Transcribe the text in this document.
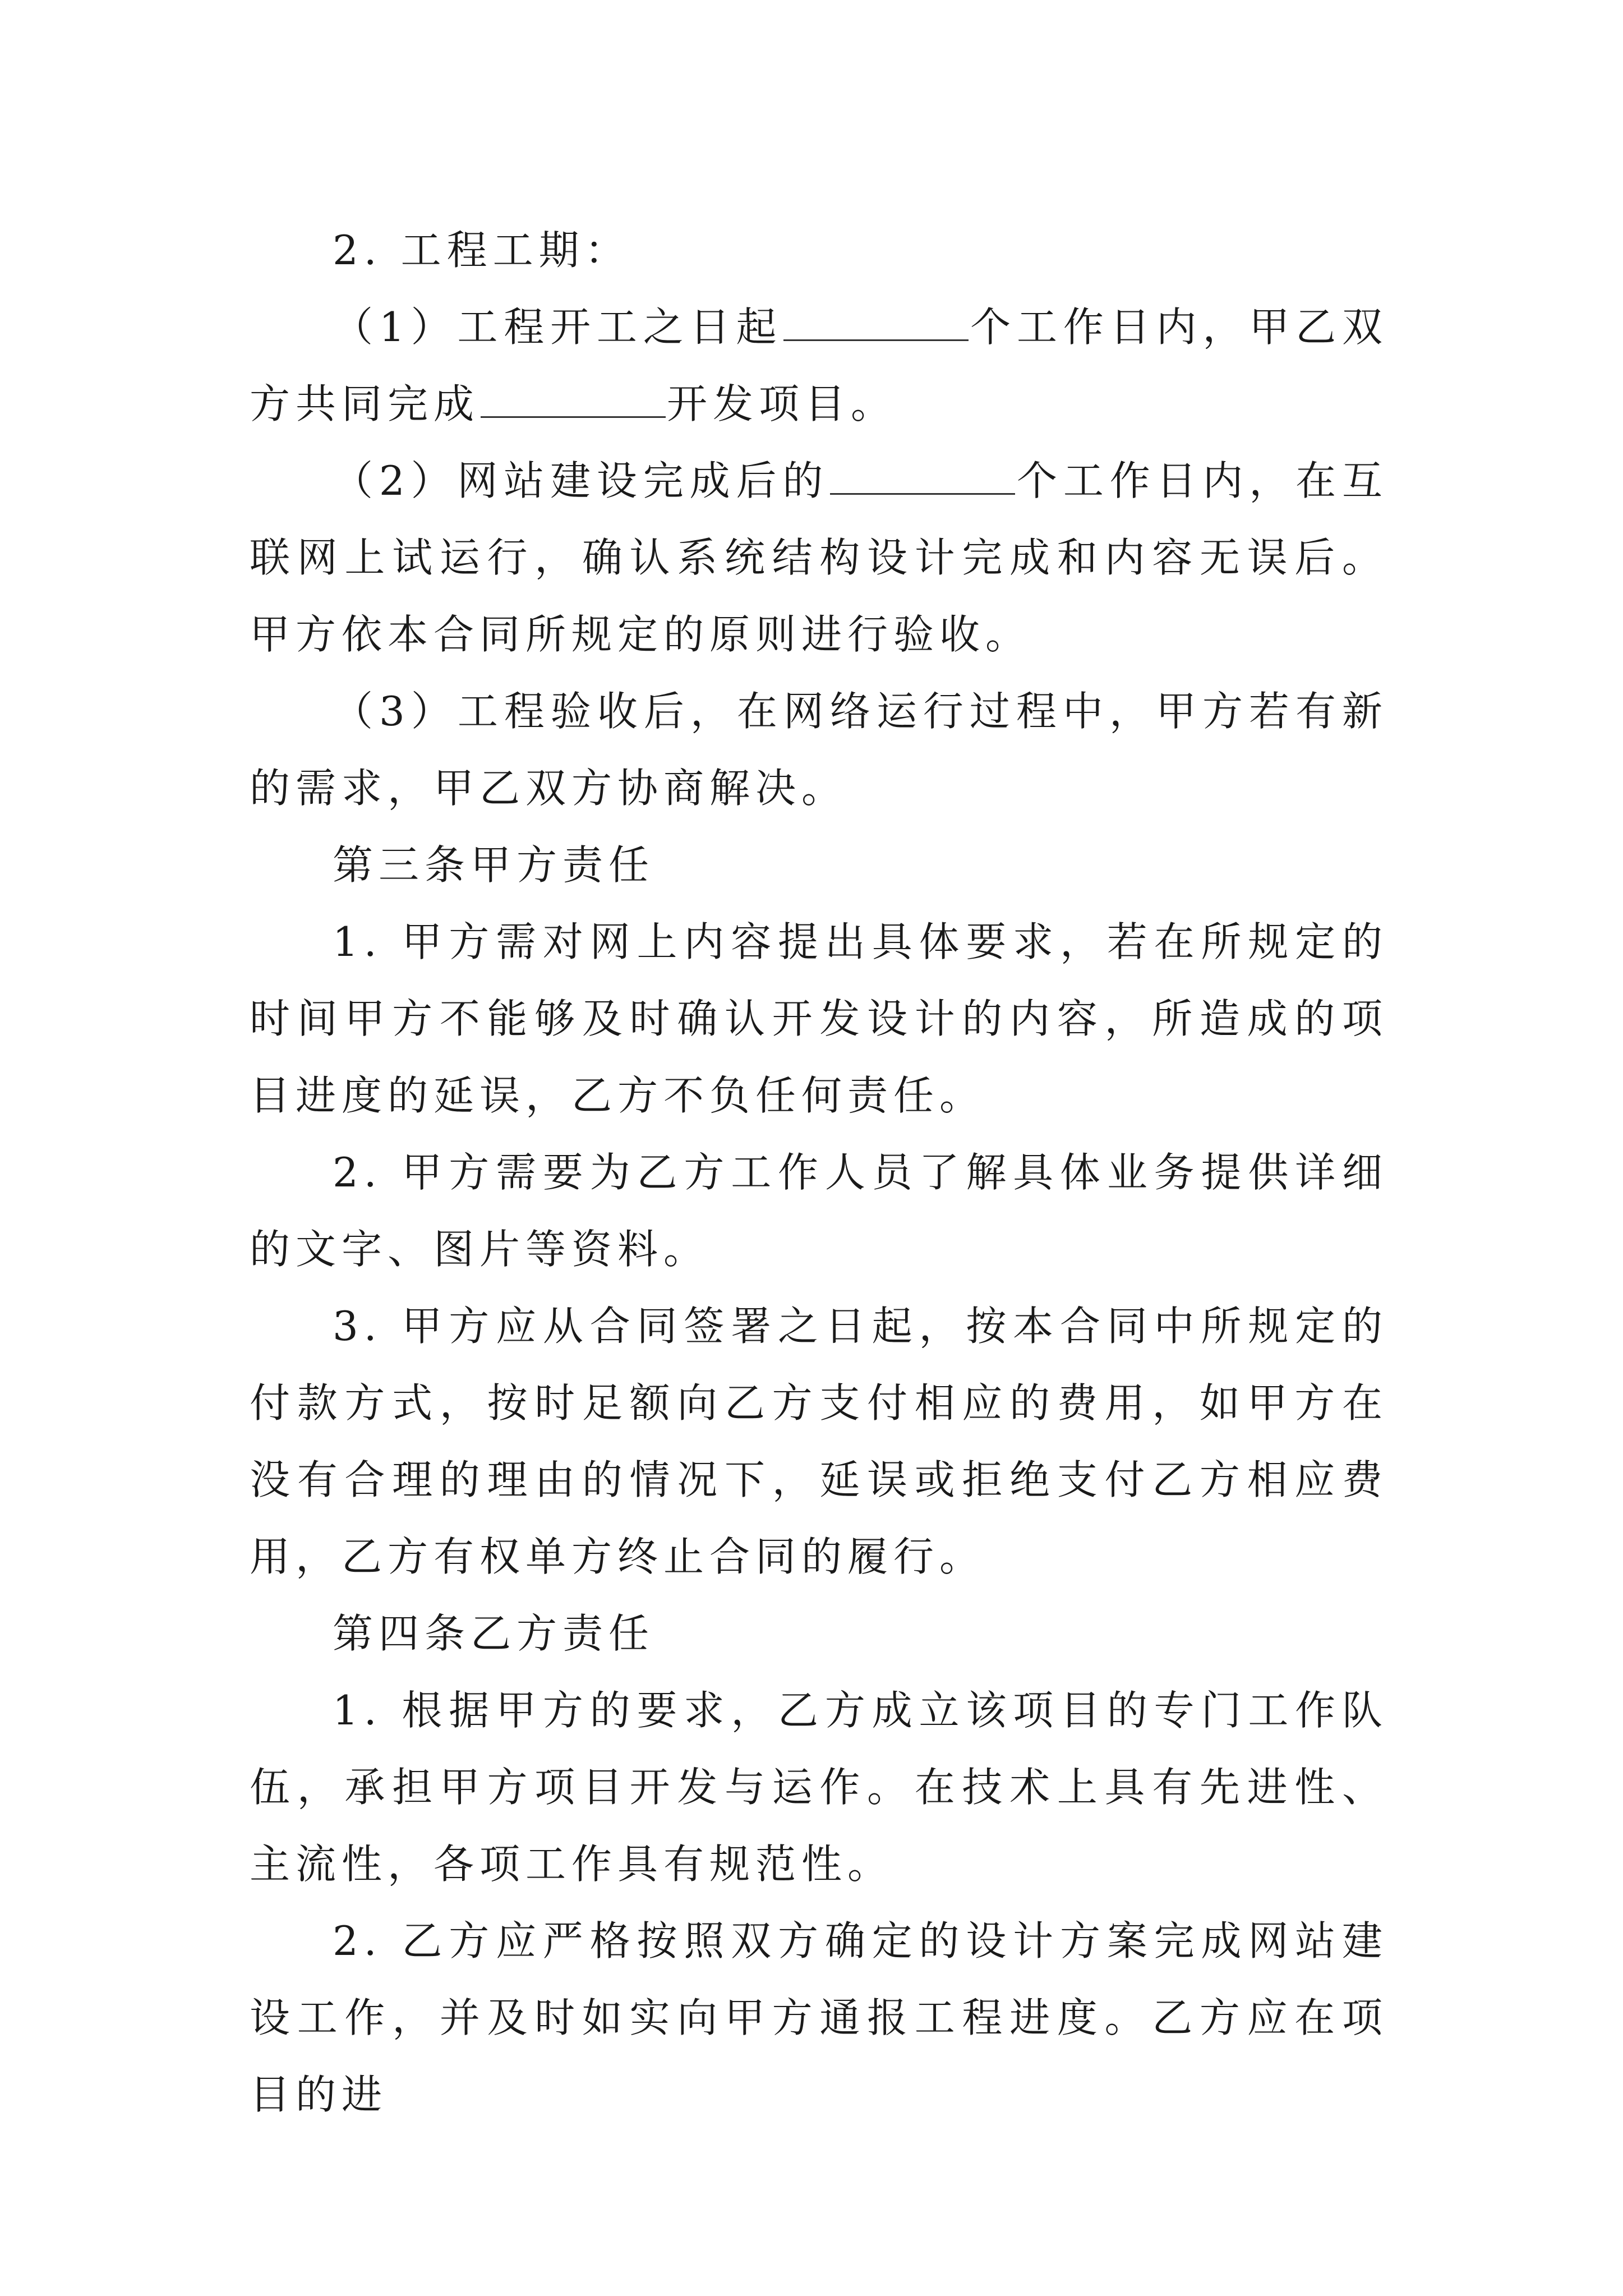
2. 工程工期：

（1）工程开工之日起	个工作日内，甲乙双方共同完成	开发项目。

（2）网站建设完成后的	个工作日内，在互联网上试运行，确认系统结构设计完成和内容无误后。甲方依本合同所规定的原则进行验收。

（3）工程验收后，在网络运行过程中，甲方若有新的需求，甲乙双方协商解决。

第三条甲方责任

1. 甲方需对网上内容提出具体要求，若在所规定的时间甲方不能够及时确认开发设计的内容，所造成的项目进度的延误，乙方不负任何责任。

2. 甲方需要为乙方工作人员了解具体业务提供详细的文字、图片等资料。

3. 甲方应从合同签署之日起，按本合同中所规定的付款方式，按时足额向乙方支付相应的费用，如甲方在没有合理的理由的情况下，延误或拒绝支付乙方相应费用，乙方有权单方终止合同的履行。

第四条乙方责任

1. 根据甲方的要求，乙方成立该项目的专门工作队伍，承担甲方项目开发与运作。在技术上具有先进性、主流性，各项工作具有规范性。

2. 乙方应严格按照双方确定的设计方案完成网站建设工作，并及时如实向甲方通报工程进度。乙方应在项目的进
